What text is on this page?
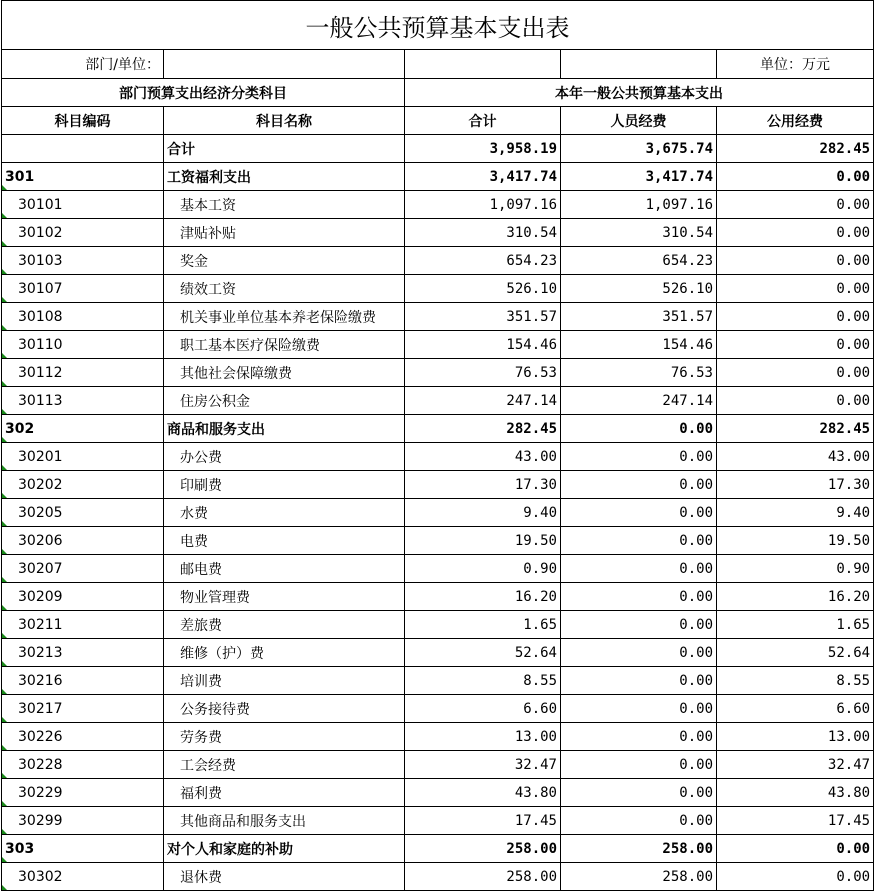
一般公共预算基本支出表				
部门/单位：				单位：万元
部门预算支出经济分类科目		本年一般公共预算基本支出		
科目编码	科目名称	合计	人员经费	公用经费
	合计	3,958.19	3,675.74	282.45
301	工资福利支出	3,417.74	3,417.74	0.00
30101	基本工资	1,097.16	1,097.16	0.00
30102	津贴补贴	310.54	310.54	0.00
30103	奖金	654.23	654.23	0.00
30107	绩效工资	526.10	526.10	0.00
30108	机关事业单位基本养老保险缴费	351.57	351.57	0.00
30110	职工基本医疗保险缴费	154.46	154.46	0.00
30112	其他社会保障缴费	76.53	76.53	0.00
30113	住房公积金	247.14	247.14	0.00
302	商品和服务支出	282.45	0.00	282.45
30201	办公费	43.00	0.00	43.00
30202	印刷费	17.30	0.00	17.30
30205	水费	9.40	0.00	9.40
30206	电费	19.50	0.00	19.50
30207	邮电费	0.90	0.00	0.90
30209	物业管理费	16.20	0.00	16.20
30211	差旅费	1.65	0.00	1.65
30213	维修（护）费	52.64	0.00	52.64
30216	培训费	8.55	0.00	8.55
30217	公务接待费	6.60	0.00	6.60
30226	劳务费	13.00	0.00	13.00
30228	工会经费	32.47	0.00	32.47
30229	福利费	43.80	0.00	43.80
30299	其他商品和服务支出	17.45	0.00	17.45
303	对个人和家庭的补助	258.00	258.00	0.00
30302	退休费	258.00	258.00	0.00
